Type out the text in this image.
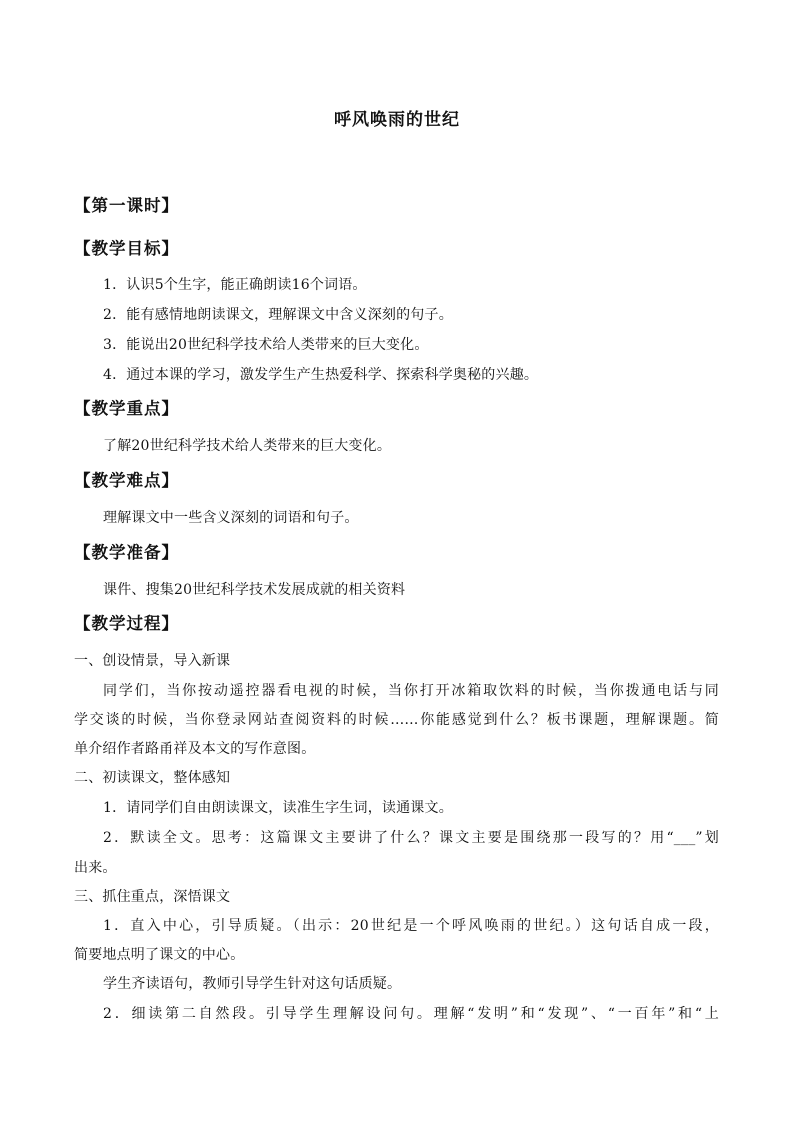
呼风唤雨的世纪
【第一课时】
【教学目标】
1．认识5个生字，能正确朗读16个词语。
2．能有感情地朗读课文，理解课文中含义深刻的句子。
3．能说出20世纪科学技术给人类带来的巨大变化。
4．通过本课的学习，激发学生产生热爱科学、探索科学奥秘的兴趣。
【教学重点】
了解20世纪科学技术给人类带来的巨大变化。
【教学难点】
理解课文中一些含义深刻的词语和句子。
【教学准备】
课件、搜集20世纪科学技术发展成就的相关资料
【教学过程】
一、创设情景，导入新课
同学们，当你按动遥控器看电视的时候，当你打开冰箱取饮料的时候，当你拨通电话与同
学交谈的时候，当你登录网站查阅资料的时候……你能感觉到什么？板书课题，理解课题。简
单介绍作者路甬祥及本文的写作意图。
二、初读课文，整体感知
1．请同学们自由朗读课文，读准生字生词，读通课文。
2．默读全文。思考：这篇课文主要讲了什么？课文主要是围绕那一段写的？用“___”划
出来。
三、抓住重点，深悟课文
1．直入中心，引导质疑。（出示：20世纪是一个呼风唤雨的世纪。）这句话自成一段，
简要地点明了课文的中心。
学生齐读语句，教师引导学生针对这句话质疑。
2．细读第二自然段。引导学生理解设问句。理解“发明”和“发现”、“一百年”和“上
